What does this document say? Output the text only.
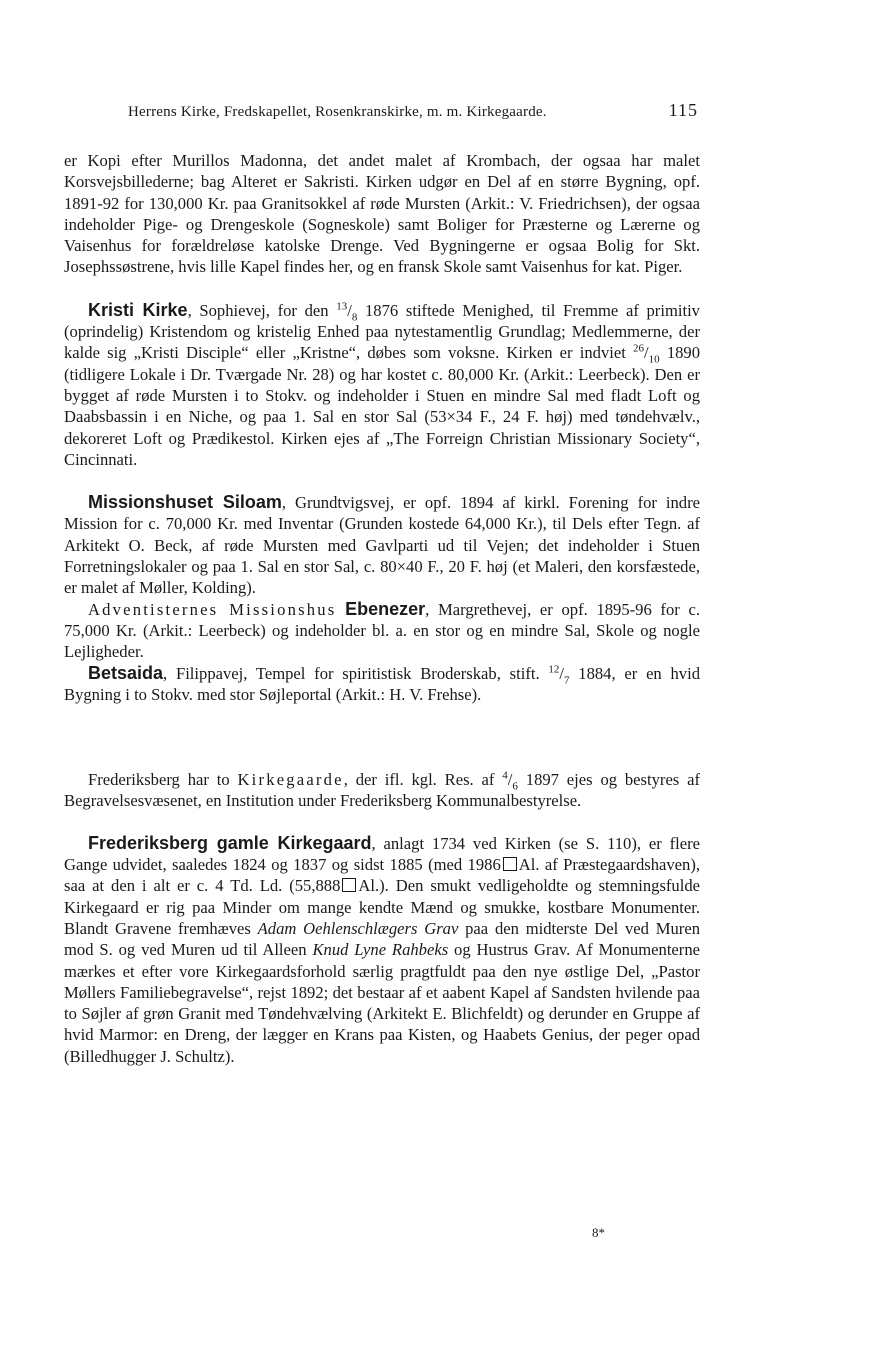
Herrens Kirke, Fredskapellet, Rosenkranskirke, m. m. Kirkegaarde.	115

er Kopi efter Murillos Madonna, det andet malet af Krombach, der ogsaa har malet Korsvejsbillederne; bag Alteret er Sakristi. Kirken udgør en Del af en større Bygning, opf. 1891-92 for 130,000 Kr. paa Granitsokkel af røde Mursten (Arkit.: V. Friedrichsen), der ogsaa indeholder Pige- og Drengeskole (Sogneskole) samt Boliger for Præsterne og Lærerne og Vaisenhus for forældreløse katolske Drenge. Ved Bygningerne er ogsaa Bolig for Skt. Josephssøstrene, hvis lille Kapel findes her, og en fransk Skole samt Vaisenhus for kat. Piger.

Kristi Kirke, Sophievej, for den $^{13}/_8$ 1876 stiftede Menighed, til Fremme af primitiv (oprindelig) Kristendom og kristelig Enhed paa nytestamentlig Grundlag; Medlemmerne, der kalde sig „Kristi Disciple“ eller „Kristne“, døbes som voksne. Kirken er indviet $^{26}/_{10}$ 1890 (tidligere Lokale i Dr. Tværgade Nr. 28) og har kostet c. 80,000 Kr. (Arkit.: Leerbeck). Den er bygget af røde Mursten i to Stokv. og indeholder i Stuen en mindre Sal med fladt Loft og Daabsbassin i en Niche, og paa 1. Sal en stor Sal (53×34 F., 24 F. høj) med tøndehvælv., dekoreret Loft og Prædikestol. Kirken ejes af „The Forreign Christian Missionary Society“, Cincinnati.

Missionshuset Siloam, Grundtvigsvej, er opf. 1894 af kirkl. Forening for indre Mission for c. 70,000 Kr. med Inventar (Grunden kostede 64,000 Kr.), til Dels efter Tegn. af Arkitekt O. Beck, af røde Mursten med Gavlparti ud til Vejen; det indeholder i Stuen Forretningslokaler og paa 1. Sal en stor Sal, c. 80×40 F., 20 F. høj (et Maleri, den korsfæstede, er malet af Møller, Kolding).

Adventisternes Missionshus Ebenezer, Margrethevej, er opf. 1895-96 for c. 75,000 Kr. (Arkit.: Leerbeck) og indeholder bl. a. en stor og en mindre Sal, Skole og nogle Lejligheder.

Betsaida, Filippavej, Tempel for spiritistisk Broderskab, stift. $^{12}/_7$ 1884, er en hvid Bygning i to Stokv. med stor Søjleportal (Arkit.: H. V. Frehse).

Frederiksberg har to Kirkegaarde, der ifl. kgl. Res. af $^4/_6$ 1897 ejes og bestyres af Begravelsesvæsenet, en Institution under Frederiksberg Kommunalbestyrelse.

Frederiksberg gamle Kirkegaard, anlagt 1734 ved Kirken (se S. 110), er flere Gange udvidet, saaledes 1824 og 1837 og sidst 1885 (med 1986 Al. af Præstegaardshaven), saa at den i alt er c. 4 Td. Ld. (55,888 Al.). Den smukt vedligeholdte og stemningsfulde Kirkegaard er rig paa Minder om mange kendte Mænd og smukke, kostbare Monumenter. Blandt Gravene fremhæves Adam Oehlenschlægers Grav paa den midterste Del ved Muren mod S. og ved Muren ud til Alleen Knud Lyne Rahbeks og Hustrus Grav. Af Monumenterne mærkes et efter vore Kirkegaardsforhold særlig pragtfuldt paa den nye østlige Del, „Pastor Møllers Familiebegravelse“, rejst 1892; det bestaar af et aabent Kapel af Sandsten hvilende paa to Søjler af grøn Granit med Tøndehvælving (Arkitekt E. Blichfeldt) og derunder en Gruppe af hvid Marmor: en Dreng, der lægger en Krans paa Kisten, og Haabets Genius, der peger opad (Billedhugger J. Schultz).

8*
